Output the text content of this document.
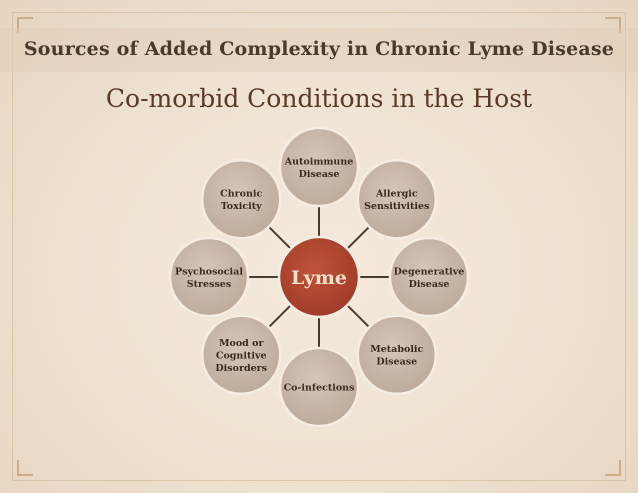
Sources of Added Complexity in Chronic Lyme Disease
Co-morbid Conditions in the Host
Autoimmune
Disease
Allergic
Sensitivities
Degenerative
Disease
Metabolic
Disease
Co-infections
Mood or
Cognitive
Disorders
Psychosocial
Stresses
Chronic
Toxicity
Lyme
